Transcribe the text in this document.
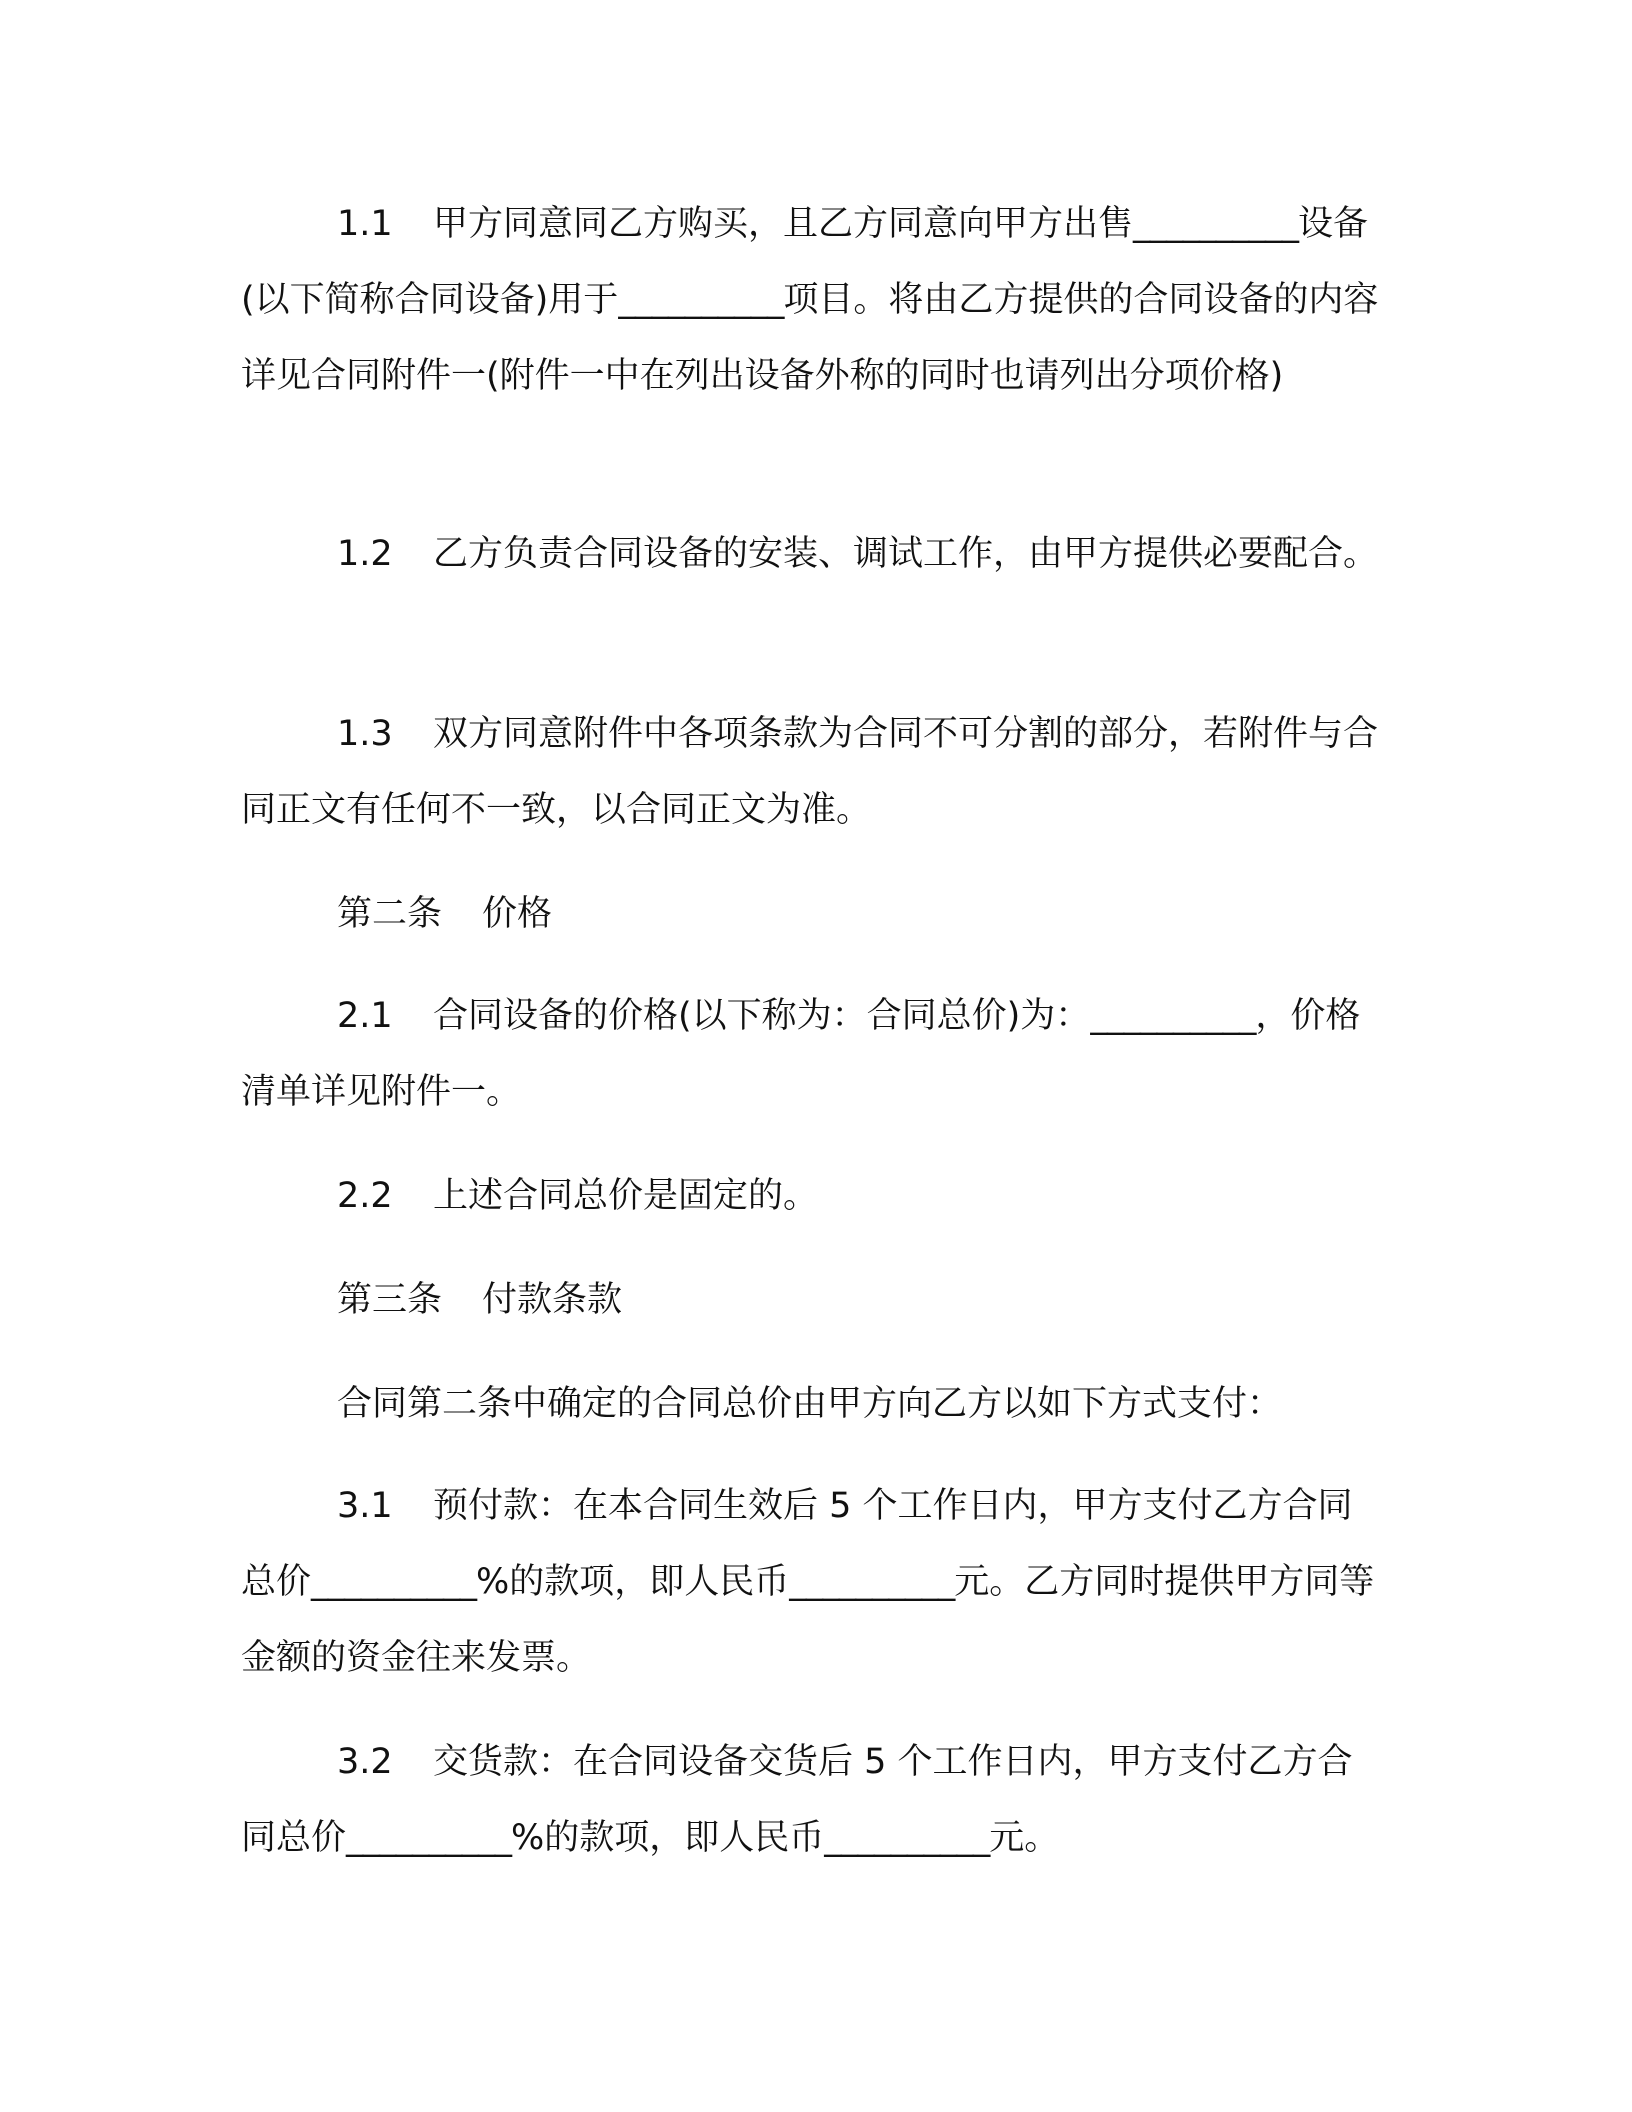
1.1 甲方同意同乙方购买，且乙方同意向甲方出售__________设备(以下简称合同设备)用于__________项目。将由乙方提供的合同设备的内容详见合同附件一(附件一中在列出设备外称的同时也请列出分项价格)

1.2 乙方负责合同设备的安装、调试工作，由甲方提供必要配合。

1.3 双方同意附件中各项条款为合同不可分割的部分，若附件与合同正文有任何不一致，以合同正文为准。

第二条 价格

2.1 合同设备的价格(以下称为：合同总价)为：__________，价格清单详见附件一。

2.2 上述合同总价是固定的。

第三条 付款条款

合同第二条中确定的合同总价由甲方向乙方以如下方式支付：

3.1 预付款：在本合同生效后 5 个工作日内，甲方支付乙方合同总价__________%的款项，即人民币__________元。乙方同时提供甲方同等金额的资金往来发票。

3.2 交货款：在合同设备交货后 5 个工作日内，甲方支付乙方合同总价__________%的款项，即人民币__________元。
